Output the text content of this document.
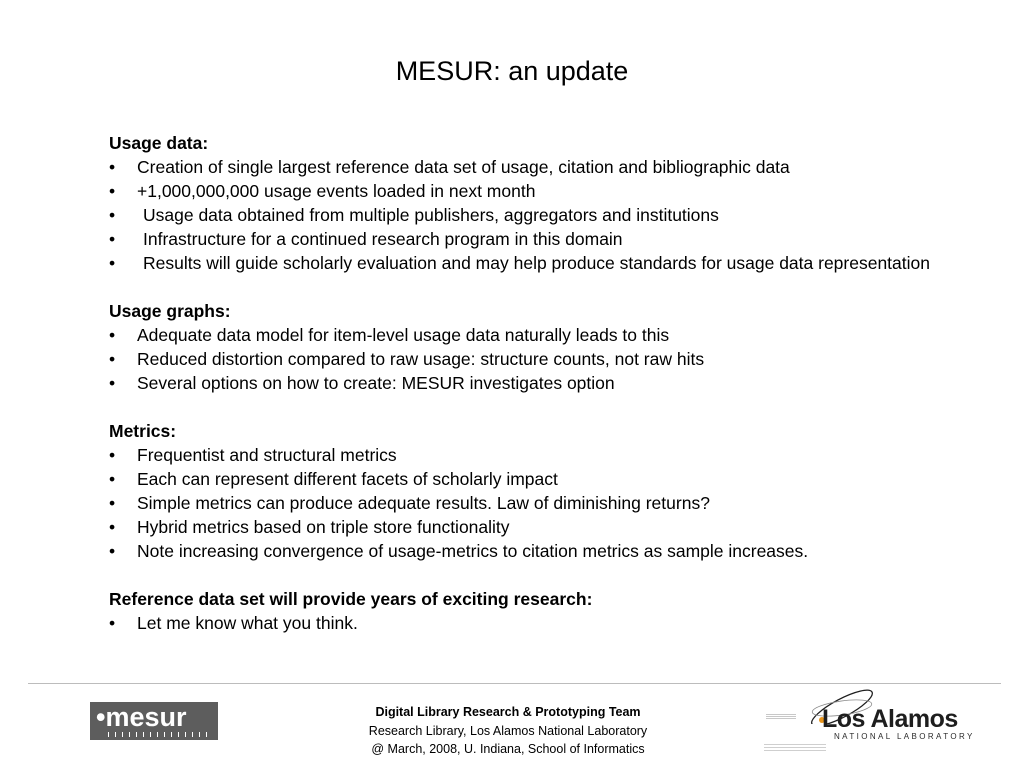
MESUR: an update
Usage data:
• Creation of single largest reference data set of usage, citation and bibliographic data
• +1,000,000,000 usage events loaded in next month
• Usage data obtained from multiple publishers, aggregators and institutions
• Infrastructure for a continued research program in this domain
• Results will guide scholarly evaluation and may help produce standards for usage data representation
Usage graphs:
• Adequate data model for item-level usage data naturally leads to this
• Reduced distortion compared to raw usage: structure counts, not raw hits
• Several options on how to create: MESUR investigates option
Metrics:
• Frequentist and structural metrics
• Each can represent different facets of scholarly impact
• Simple metrics can produce adequate results. Law of diminishing returns?
• Hybrid metrics based on triple store functionality
• Note increasing convergence of usage-metrics to citation metrics as sample increases.
Reference data set will provide years of exciting research:
• Let me know what you think.
•mesur	Digital Library Research & Prototyping Team
Research Library, Los Alamos National Laboratory
@ March, 2008, U. Indiana, School of Informatics
Los Alamos
NATIONAL LABORATORY
